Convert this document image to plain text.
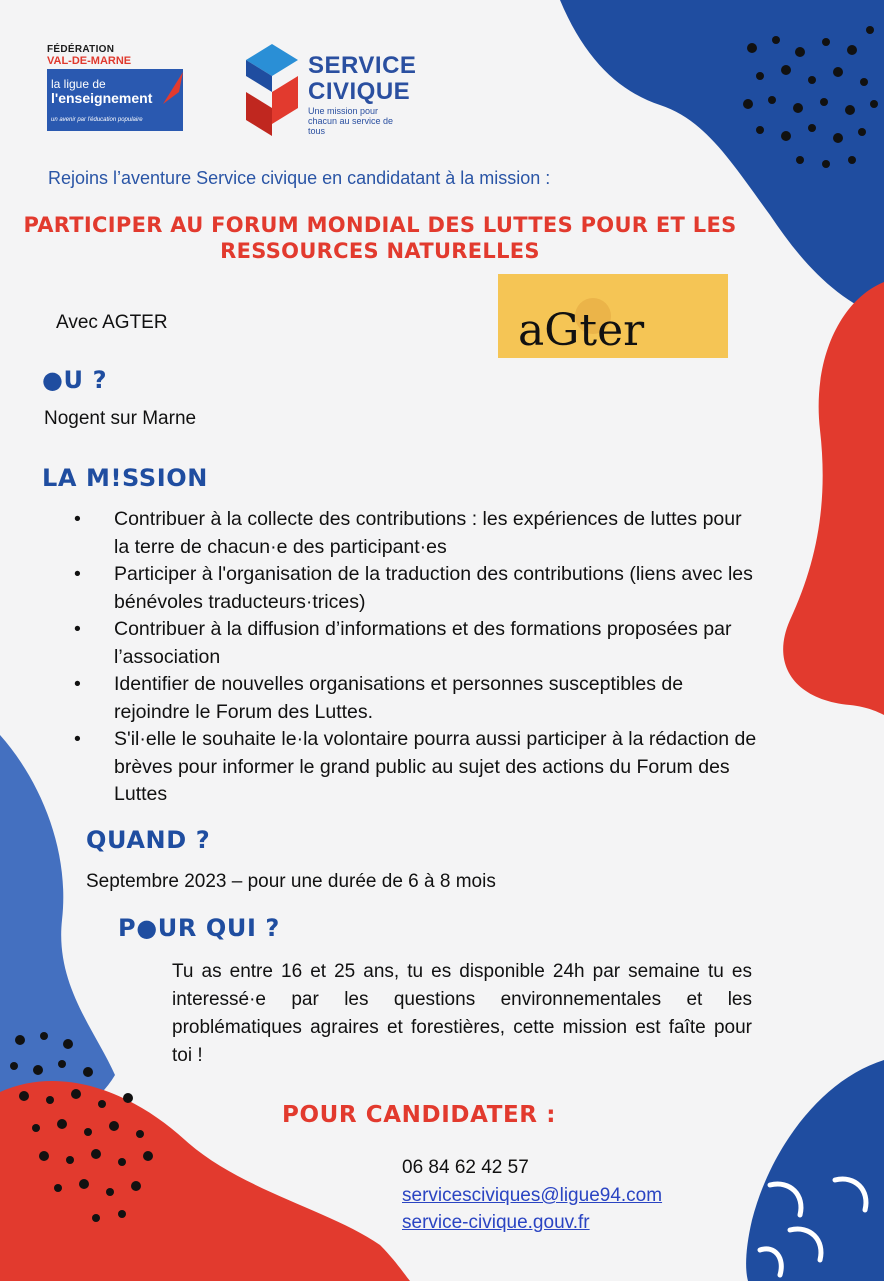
FÉDÉRATION
VAL-DE-MARNE
la ligue de
l'enseignement
un avenir par l'éducation populaire
SERVICE
CIVIQUE
Une mission pour chacun au service de tous
Rejoins l’aventure Service civique en candidatant à la mission :
PARTICIPER AU FORUM MONDIAL DES LUTTES POUR ET LES
RESSOURCES NATURELLES
Avec AGTER	aGter
●U ?
Nogent sur Marne
LA M!SSION
• Contribuer à la collecte des contributions : les expériences de luttes pour la terre de chacun·e des participant·es
• Participer à l'organisation de la traduction des contributions (liens avec les bénévoles traducteurs·trices)
• Contribuer à la diffusion d’informations et des formations proposées par l’association
• Identifier de nouvelles organisations et personnes susceptibles de rejoindre le Forum des Luttes.
• S'il·elle le souhaite le·la volontaire pourra aussi participer à la rédaction de brèves pour informer le grand public au sujet des actions du Forum des Luttes
QUAND ?
Septembre 2023 – pour une durée de 6 à 8 mois
P●UR QUI ?
Tu as entre 16 et 25 ans, tu es disponible 24h par semaine tu es interessé·e par les questions environnementales et les problématiques agraires et forestières, cette mission est faîte pour toi !
POUR CANDIDATER :
06 84 62 42 57
servicesciviques@ligue94.com
service-civique.gouv.fr
